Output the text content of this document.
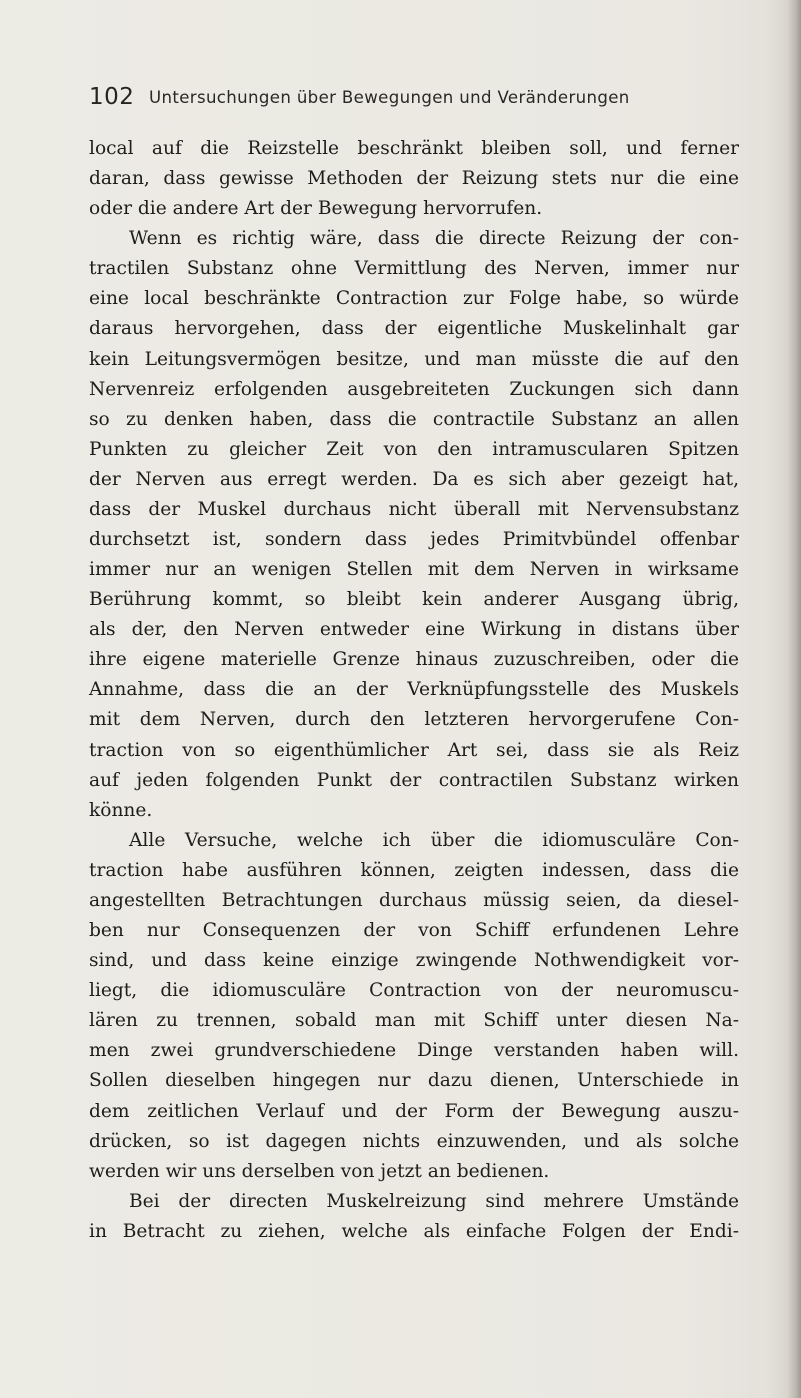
102 Untersuchungen über Bewegungen und Veränderungen
local auf die Reizstelle beschränkt bleiben soll, und ferner
daran, dass gewisse Methoden der Reizung stets nur die eine
oder die andere Art der Bewegung hervorrufen.
Wenn es richtig wäre, dass die directe Reizung der con-
tractilen Substanz ohne Vermittlung des Nerven, immer nur
eine local beschränkte Contraction zur Folge habe, so würde
daraus hervorgehen, dass der eigentliche Muskelinhalt gar
kein Leitungsvermögen besitze, und man müsste die auf den
Nervenreiz erfolgenden ausgebreiteten Zuckungen sich dann
so zu denken haben, dass die contractile Substanz an allen
Punkten zu gleicher Zeit von den intramuscularen Spitzen
der Nerven aus erregt werden. Da es sich aber gezeigt hat,
dass der Muskel durchaus nicht überall mit Nervensubstanz
durchsetzt ist, sondern dass jedes Primitvbündel offenbar
immer nur an wenigen Stellen mit dem Nerven in wirksame
Berührung kommt, so bleibt kein anderer Ausgang übrig,
als der, den Nerven entweder eine Wirkung in distans über
ihre eigene materielle Grenze hinaus zuzuschreiben, oder die
Annahme, dass die an der Verknüpfungsstelle des Muskels
mit dem Nerven, durch den letzteren hervorgerufene Con-
traction von so eigenthümlicher Art sei, dass sie als Reiz
auf jeden folgenden Punkt der contractilen Substanz wirken
könne.
Alle Versuche, welche ich über die idiomusculäre Con-
traction habe ausführen können, zeigten indessen, dass die
angestellten Betrachtungen durchaus müssig seien, da diesel-
ben nur Consequenzen der von Schiff erfundenen Lehre
sind, und dass keine einzige zwingende Nothwendigkeit vor-
liegt, die idiomusculäre Contraction von der neuromuscu-
lären zu trennen, sobald man mit Schiff unter diesen Na-
men zwei grundverschiedene Dinge verstanden haben will.
Sollen dieselben hingegen nur dazu dienen, Unterschiede in
dem zeitlichen Verlauf und der Form der Bewegung auszu-
drücken, so ist dagegen nichts einzuwenden, und als solche
werden wir uns derselben von jetzt an bedienen.
Bei der directen Muskelreizung sind mehrere Umstände
in Betracht zu ziehen, welche als einfache Folgen der Endi-
